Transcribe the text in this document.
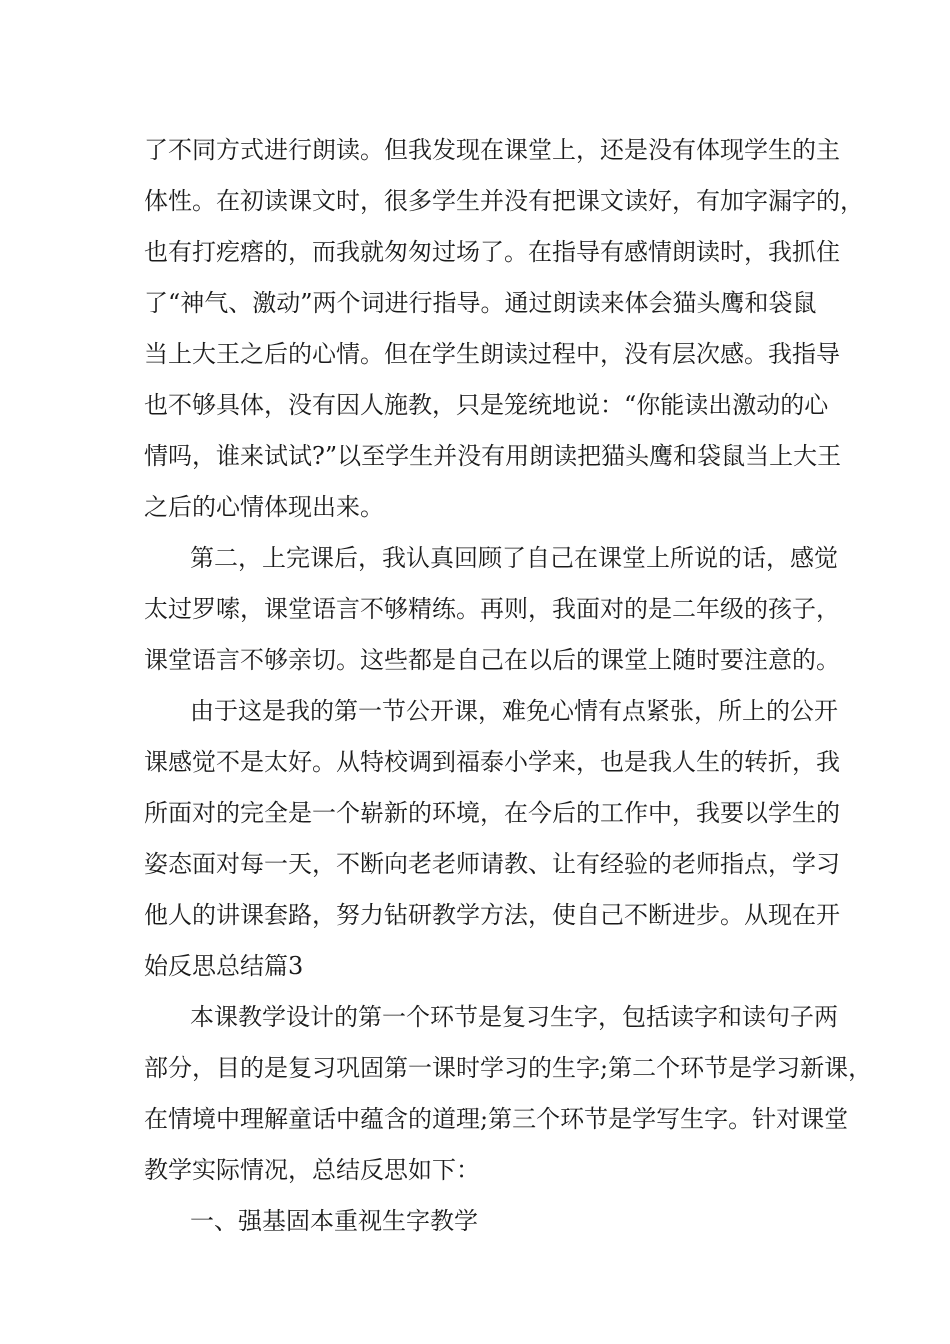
了不同方式进行朗读。但我发现在课堂上，还是没有体现学生的主
体性。在初读课文时，很多学生并没有把课文读好，有加字漏字的，
也有打疙瘩的，而我就匆匆过场了。在指导有感情朗读时，我抓住
了“神气、激动”两个词进行指导。通过朗读来体会猫头鹰和袋鼠
当上大王之后的心情。但在学生朗读过程中，没有层次感。我指导
也不够具体，没有因人施教，只是笼统地说：“你能读出激动的心
情吗，谁来试试?”以至学生并没有用朗读把猫头鹰和袋鼠当上大王
之后的心情体现出来。
第二，上完课后，我认真回顾了自己在课堂上所说的话，感觉
太过罗嗦，课堂语言不够精练。再则，我面对的是二年级的孩子，
课堂语言不够亲切。这些都是自己在以后的课堂上随时要注意的。
由于这是我的第一节公开课，难免心情有点紧张，所上的公开
课感觉不是太好。从特校调到福泰小学来，也是我人生的转折，我
所面对的完全是一个崭新的环境，在今后的工作中，我要以学生的
姿态面对每一天，不断向老老师请教、让有经验的老师指点，学习
他人的讲课套路，努力钻研教学方法，使自己不断进步。从现在开
始反思总结篇3
本课教学设计的第一个环节是复习生字，包括读字和读句子两
部分，目的是复习巩固第一课时学习的生字;第二个环节是学习新课，
在情境中理解童话中蕴含的道理;第三个环节是学写生字。针对课堂
教学实际情况，总结反思如下：
一、强基固本重视生字教学
